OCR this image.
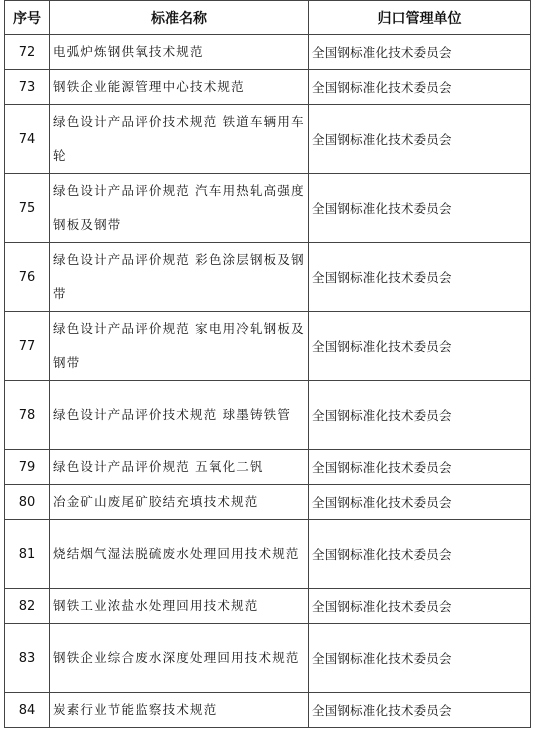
序号	标准名称	归口管理单位
72	电弧炉炼钢供氧技术规范	全国钢标准化技术委员会
73	钢铁企业能源管理中心技术规范	全国钢标准化技术委员会
74	绿色设计产品评价技术规范 铁道车辆用车轮	全国钢标准化技术委员会
75	绿色设计产品评价规范 汽车用热轧高强度钢板及钢带	全国钢标准化技术委员会
76	绿色设计产品评价规范 彩色涂层钢板及钢带	全国钢标准化技术委员会
77	绿色设计产品评价规范 家电用冷轧钢板及钢带	全国钢标准化技术委员会
78	绿色设计产品评价技术规范 球墨铸铁管	全国钢标准化技术委员会
79	绿色设计产品评价规范 五氧化二钒	全国钢标准化技术委员会
80	冶金矿山废尾矿胶结充填技术规范	全国钢标准化技术委员会
81	烧结烟气湿法脱硫废水处理回用技术规范	全国钢标准化技术委员会
82	钢铁工业浓盐水处理回用技术规范	全国钢标准化技术委员会
83	钢铁企业综合废水深度处理回用技术规范	全国钢标准化技术委员会
84	炭素行业节能监察技术规范	全国钢标准化技术委员会
